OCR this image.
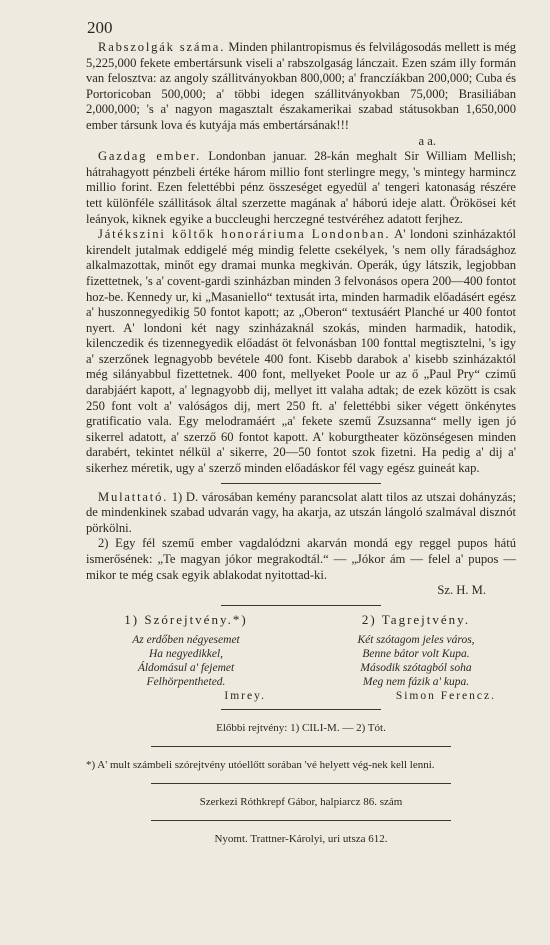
200

Rabszolgák száma. Minden philantropismus és felvilágosodás mellett is még 5,225,000 fekete embertársunk viseli a' rabszolgaság lánczait. Ezen szám illy formán van felosztva: az angoly szállitványokban 800,000; a' franczíákban 200,000; Cuba és Portoricoban 500,000; a' többi idegen szállitványokban 75,000; Brasiliában 2,000,000; 's a' nagyon magasztalt északamerikai szabad státusokban 1,650,000 ember társunk lova és kutyája más embertársának!!!

a a.

Gazdag ember. Londonban januar. 28-kán meghalt Sir William Mellish; hátrahagyott pénzbeli értéke három millio font sterlingre megy, 's mintegy harmincz millio forint. Ezen felettébbi pénz összeséget egyedül a' tengeri katonaság részére tett különféle szállitások által szerzette magának a' háború ideje alatt. Örökösei két leányok, kiknek egyike a buccleughi herczegné testvéréhez adatott ferjhez.

Játékszini költők honoráriuma Londonban. A' londoni szinházaktól kirendelt jutalmak eddigelé még mindig felette csekélyek, 's nem olly fáradsághoz alkalmazottak, minőt egy dramai munka megkiván. Operák, úgy látszik, legjobban fizettetnek, 's a' covent-gardi szinházban minden 3 felvonásos opera 200—400 fontot hoz-be. Kennedy ur, ki „Masaniello“ textusát irta, minden harmadik előadásért egész a' huszonnegyedikig 50 fontot kapott; az „Oberon“ textusáért Planché ur 400 fontot nyert. A' londoni két nagy szinházaknál szokás, minden harmadik, hatodik, kilenczedik és tizennegyedik előadást öt felvonásban 100 fonttal megtisztelni, 's igy a' szerzőnek legnagyobb bevétele 400 font. Kisebb darabok a' kisebb szinházaktól még silányabbul fizettetnek. 400 font, mellyeket Poole ur az ő „Paul Pry“ czimű darabjáért kapott, a' legnagyobb dij, mellyet itt valaha adtak; de ezek között is csak 250 font volt a' valóságos dij, mert 250 ft. a' felettébbi siker végett önkénytes gratificatio vala. Egy melodramáért „a' fekete szemű Zsuzsanna“ melly igen jó sikerrel adatott, a' szerző 60 fontot kapott. A' koburgtheater közönségesen minden darabért, tekintet nélkül a' sikerre, 20—50 fontot szok fizetni. Ha pedig a' dij a' sikerhez méretik, ugy a' szerző minden előadáskor fél vagy egész guineát kap.

Mulattató. 1) D. városában kemény parancsolat alatt tilos az utszai dohányzás; de mindenkinek szabad udvarán vagy, ha akarja, az utszán lángoló szalmával disznót pörkölni.

2) Egy fél szemű ember vagdalódzni akarván mondá egy reggel pupos hátú ismerősének: „Te magyan jókor megrakodtál.“ — „Jókor ám — felel a' pupos — mikor te még csak egyik ablakodat nyitottad-ki.

Sz. H. M.

1) Szórejtvény.*)
Az erdőben négyesemet
Ha negyedikkel,
Áldomásul a' fejemet
Felhörpentheted.
Imrey.
2) Tagrejtvény.
Két szótagom jeles város,
Benne bátor volt Kupa.
Második szótagból soha
Meg nem fázik a' kupa.
Simon Ferencz.

Előbbi rejtvény: 1) CILI-M. — 2) Tót.

*) A' mult számbeli szórejtvény utóellőtt sorában 'vé helyett vég-nek kell lenni.

Szerkezi Róthkrepf Gábor, halpiarcz 86. szám

Nyomt. Trattner-Károlyi, uri utsza 612.
